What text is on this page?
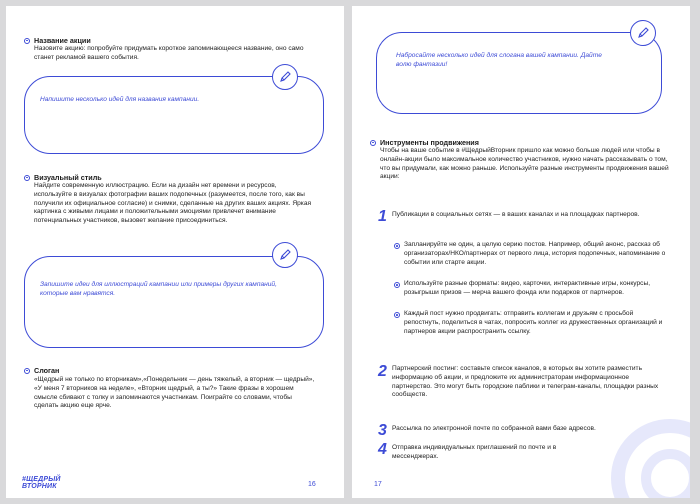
Название акции
Назовите акцию: попробуйте придумать короткое запоминающееся название, оно само станет рекламой вашего события.
Напишите несколько идей для названия кампании.
Визуальный стиль
Найдите современную иллюстрацию. Если на дизайн нет времени и ресурсов, используйте в визуалах фотографии ваших подопечных (разумеется, после того, как вы получили их официальное согласие) и снимки, сделанные на других ваших акциях. Яркая картинка с живыми лицами и положительными эмоциями привлечет внимание потенциальных участников, вызовет желание присоединиться.
Запишите идеи для иллюстраций кампании или примеры других кампаний, которые вам нравятся.
Слоган
«Щедрый не только по вторникам»,«Понедельник — день тяжелый, а вторник — щедрый», «У меня 7 вторников на неделе», «Вторник щедрый, а ты?» Такие фразы в хорошем смысле сбивают с толку и запоминаются участникам. Поиграйте со словами, чтобы сделать акцию еще ярче.
#ЩЕДРЫЙ
ВТОРНИК	16
Набросайте несколько идей для слогана вашей кампании. Дайте волю фантазии!
Инструменты продвижения
Чтобы на ваше событие в #ЩедрыйВторник пришло как можно больше людей или чтобы в онлайн-акции было максимальное количество участников, нужно начать рассказывать о том, что вы придумали, как можно раньше. Используйте разные инструменты продвижения вашей акции:
1 Публикации в социальных сетях — в ваших каналах и на площадках партнеров.
Запланируйте не один, а целую серию постов. Например, общий анонс, рассказ об организаторах/НКО/партнерах от первого лица, история подопечных, напоминание о событии или старте акции.
Используйте разные форматы: видео, карточки, интерактивные игры, конкурсы, розыгрыши призов — мерча вашего фонда или подарков от партнеров.
Каждый пост нужно продвигать: отправить коллегам и друзьям с просьбой репостнуть, поделиться в чатах, попросить коллег из дружественных организаций и партнеров акции распространить ссылку.
2 Партнерский постинг: составьте список каналов, в которых вы хотите разместить информацию об акции, и предложите их администраторам информационное партнерство. Это могут быть городские паблики и телеграм-каналы, площадки разных сообществ.
3 Рассылка по электронной почте по собранной вами базе адресов.
4 Отправка индивидуальных приглашений по почте и в мессенджерах.
17
